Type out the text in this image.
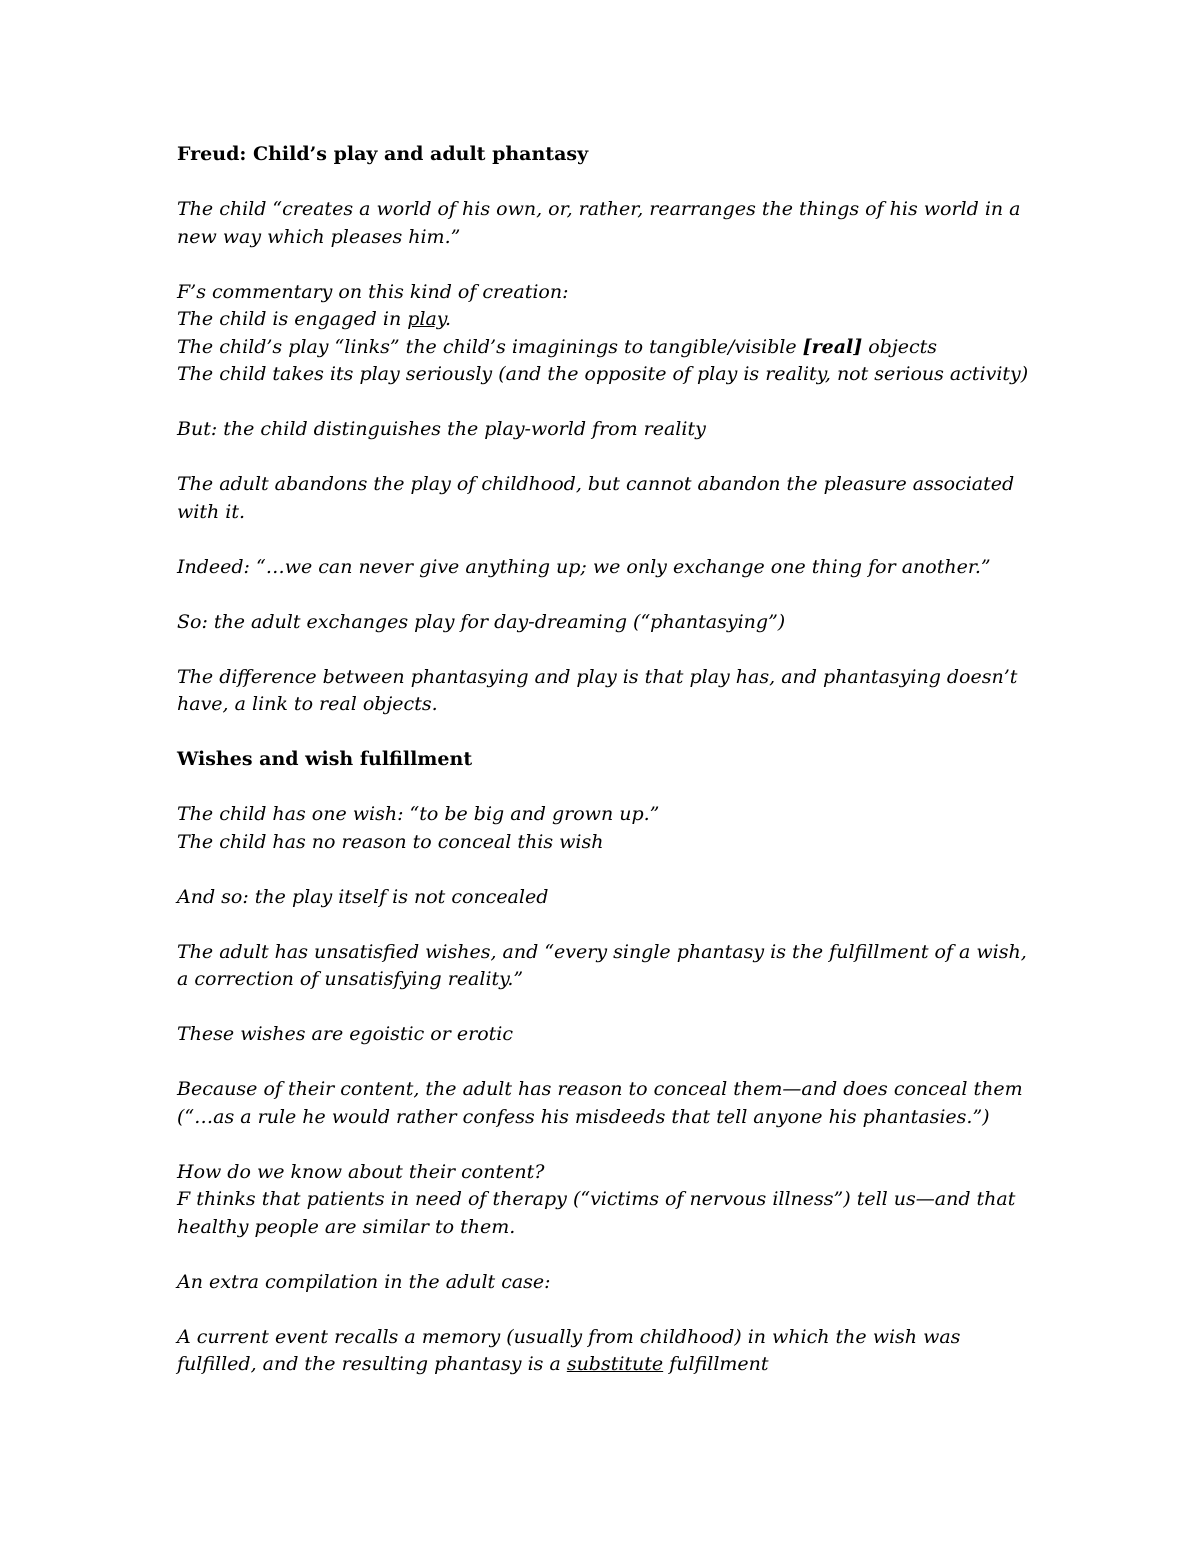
Freud: Child’s play and adult phantasy
The child “creates a world of his own, or, rather, rearranges the things of his world in a new way which pleases him.”
F’s commentary on this kind of creation:
The child is engaged in play.
The child’s play “links” the child’s imaginings to tangible/visible [real] objects
The child takes its play seriously (and the opposite of play is reality, not serious activity)
But: the child distinguishes the play-world from reality
The adult abandons the play of childhood, but cannot abandon the pleasure associated with it.
Indeed: “…we can never give anything up; we only exchange one thing for another.”
So: the adult exchanges play for day-dreaming (“phantasying”)
The difference between phantasying and play is that play has, and phantasying doesn’t have, a link to real objects.
Wishes and wish fulfillment
The child has one wish: “to be big and grown up.”
The child has no reason to conceal this wish
And so: the play itself is not concealed
The adult has unsatisfied wishes, and “every single phantasy is the fulfillment of a wish, a correction of unsatisfying reality.”
These wishes are egoistic or erotic
Because of their content, the adult has reason to conceal them—and does conceal them (“…as a rule he would rather confess his misdeeds that tell anyone his phantasies.”)
How do we know about their content?
F thinks that patients in need of therapy (“victims of nervous illness”) tell us—and that healthy people are similar to them.
An extra compilation in the adult case:
A current event recalls a memory (usually from childhood) in which the wish was fulfilled, and the resulting phantasy is a substitute fulfillment
